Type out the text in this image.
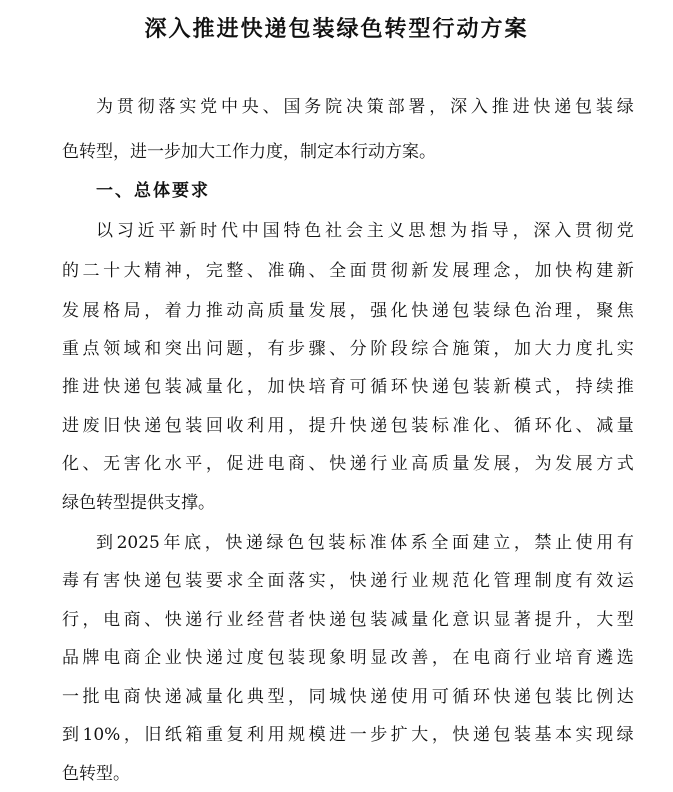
深入推进快递包装绿色转型行动方案
为 贯 彻 落 实 党 中 央 、 国 务 院 决 策 部 署 ， 深 入 推 进 快 递 包 装 绿
色转型，进一步加大工作力度，制定本行动方案。
一、总体要求
以 习 近 平 新 时 代 中 国 特 色 社 会 主 义 思 想 为 指 导 ， 深 入 贯 彻 党
的 二 十 大 精 神 ， 完 整 、 准 确 、 全 面 贯 彻 新 发 展 理 念 ， 加 快 构 建 新
发 展 格 局 ， 着 力 推 动 高 质 量 发 展 ， 强 化 快 递 包 装 绿 色 治 理 ， 聚 焦
重 点 领 域 和 突 出 问 题 ， 有 步 骤 、 分 阶 段 综 合 施 策 ， 加 大 力 度 扎 实
推 进 快 递 包 装 减 量 化 ， 加 快 培 育 可 循 环 快 递 包 装 新 模 式 ， 持 续 推
进 废 旧 快 递 包 装 回 收 利 用 ， 提 升 快 递 包 装 标 准 化 、 循 环 化 、 减 量
化 、 无 害 化 水 平 ， 促 进 电 商 、 快 递 行 业 高 质 量 发 展 ， 为 发 展 方 式
绿色转型提供支撑。
到 2025 年 底 ， 快 递 绿 色 包 装 标 准 体 系 全 面 建 立 ， 禁 止 使 用 有
毒 有 害 快 递 包 装 要 求 全 面 落 实 ， 快 递 行 业 规 范 化 管 理 制 度 有 效 运
行 ， 电 商 、 快 递 行 业 经 营 者 快 递 包 装 减 量 化 意 识 显 著 提 升 ， 大 型
品 牌 电 商 企 业 快 递 过 度 包 装 现 象 明 显 改 善 ， 在 电 商 行 业 培 育 遴 选
一 批 电 商 快 递 减 量 化 典 型 ， 同 城 快 递 使 用 可 循 环 快 递 包 装 比 例 达
到 10% ， 旧 纸 箱 重 复 利 用 规 模 进 一 步 扩 大 ， 快 递 包 装 基 本 实 现 绿
色转型。
